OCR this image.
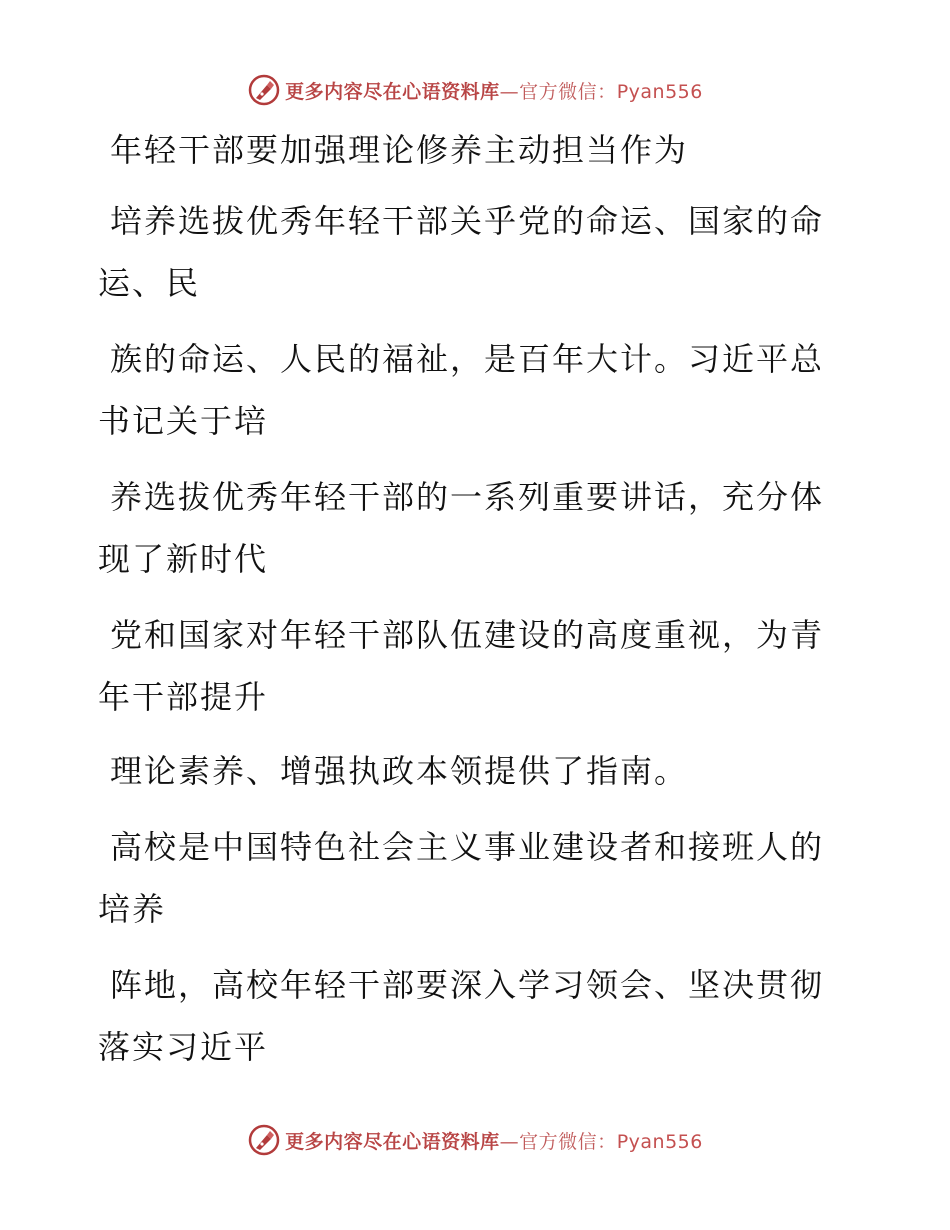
更多内容尽在心语资料库—官方微信：Pyan556
年轻干部要加强理论修养主动担当作为
培养选拔优秀年轻干部关乎党的命运、国家的命
运、民
族的命运、人民的福祉，是百年大计。习近平总
书记关于培
养选拔优秀年轻干部的一系列重要讲话，充分体
现了新时代
党和国家对年轻干部队伍建设的高度重视，为青
年干部提升
理论素养、增强执政本领提供了指南。
高校是中国特色社会主义事业建设者和接班人的
培养
阵地，高校年轻干部要深入学习领会、坚决贯彻
落实习近平
更多内容尽在心语资料库—官方微信：Pyan556
